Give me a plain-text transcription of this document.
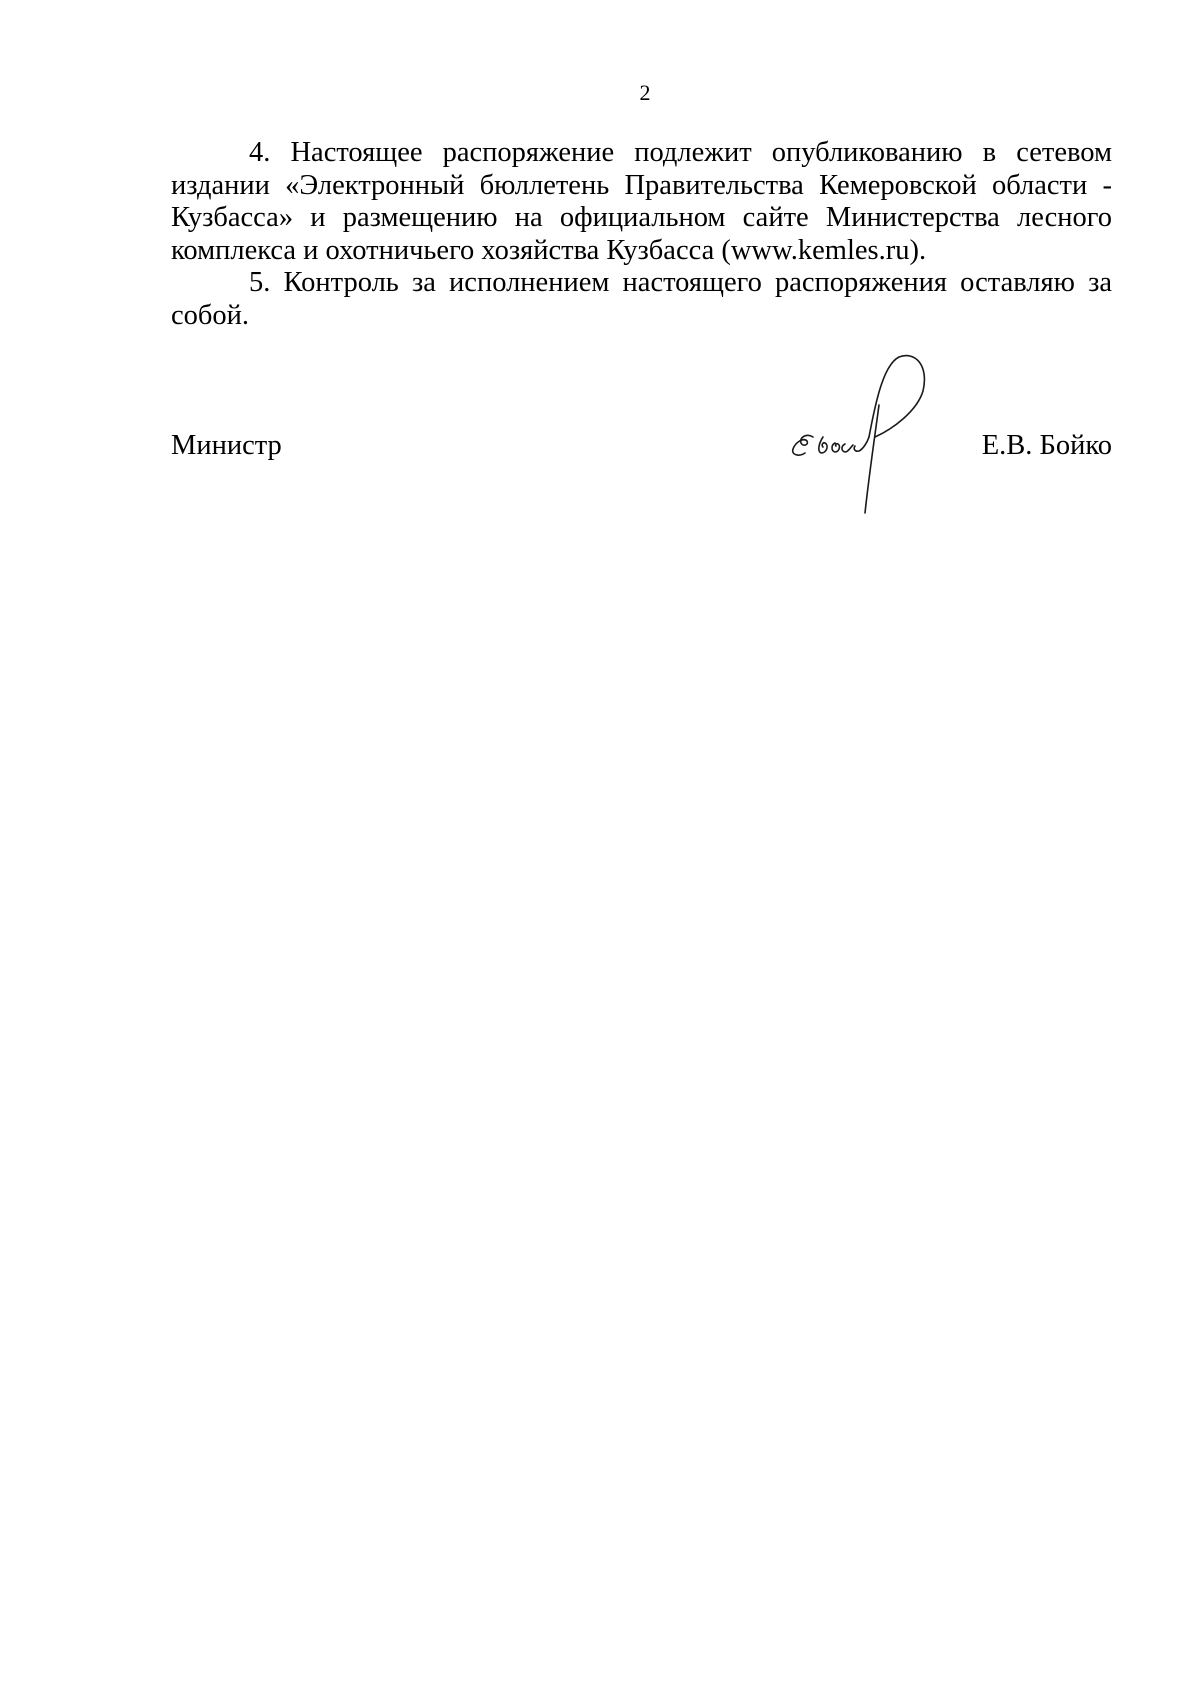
2

4. Настоящее распоряжение подлежит опубликованию в сетевом издании «Электронный бюллетень Правительства Кемеровской области - Кузбасса» и размещению на официальном сайте Министерства лесного комплекса и охотничьего хозяйства Кузбасса (www.kemles.ru).

5. Контроль за исполнением настоящего распоряжения оставляю за собой.

Министр	Е.В. Бойко
